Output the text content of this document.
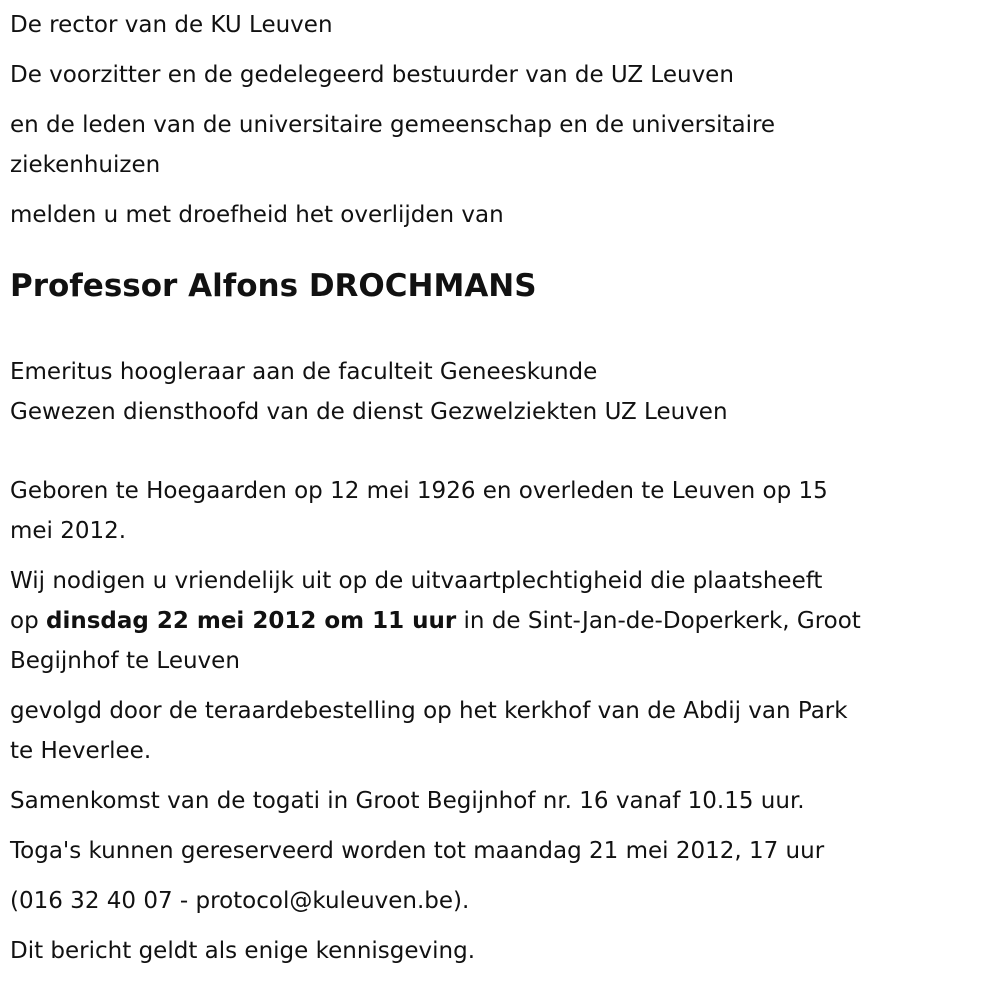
De rector van de KU Leuven

De voorzitter en de gedelegeerd bestuurder van de UZ Leuven

en de leden van de universitaire gemeenschap en de universitaire
ziekenhuizen

melden u met droefheid het overlijden van

Professor Alfons DROCHMANS

Emeritus hoogleraar aan de faculteit Geneeskunde
Gewezen diensthoofd van de dienst Gezwelziekten UZ Leuven

Geboren te Hoegaarden op 12 mei 1926 en overleden te Leuven op 15
mei 2012.

Wij nodigen u vriendelijk uit op de uitvaartplechtigheid die plaatsheeft
op dinsdag 22 mei 2012 om 11 uur in de Sint-Jan-de-Doperkerk, Groot
Begijnhof te Leuven

gevolgd door de teraardebestelling op het kerkhof van de Abdij van Park
te Heverlee.

Samenkomst van de togati in Groot Begijnhof nr. 16 vanaf 10.15 uur.

Toga's kunnen gereserveerd worden tot maandag 21 mei 2012, 17 uur

(016 32 40 07 - protocol@kuleuven.be).

Dit bericht geldt als enige kennisgeving.
